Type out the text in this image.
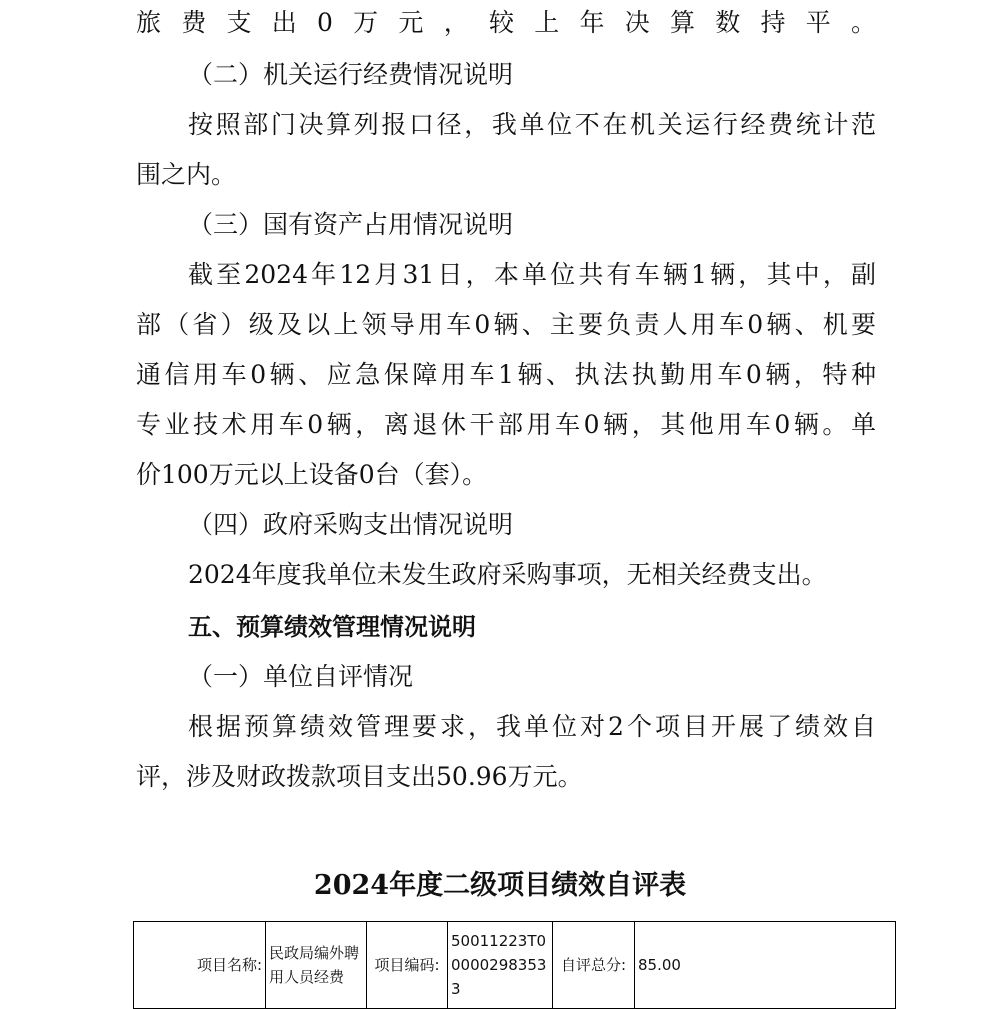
旅费支出0万元，较上年决算数持平。

（二）机关运行经费情况说明

按照部门决算列报口径，我单位不在机关运行经费统计范

围之内。

（三）国有资产占用情况说明

截至2024年12月31日，本单位共有车辆1辆，其中，副

部（省）级及以上领导用车0辆、主要负责人用车0辆、机要

通信用车0辆、应急保障用车1辆、执法执勤用车0辆，特种

专业技术用车0辆，离退休干部用车0辆，其他用车0辆。单

价100万元以上设备0台（套）。

（四）政府采购支出情况说明

2024年度我单位未发生政府采购事项，无相关经费支出。

五、预算绩效管理情况说明

（一）单位自评情况

根据预算绩效管理要求，我单位对2个项目开展了绩效自

评，涉及财政拨款项目支出50.96万元。

2024年度二级项目绩效自评表
项目名称:	民政局编外聘用人员经费	项目编码:	50011223T000002983533	自评总分:	85.00
